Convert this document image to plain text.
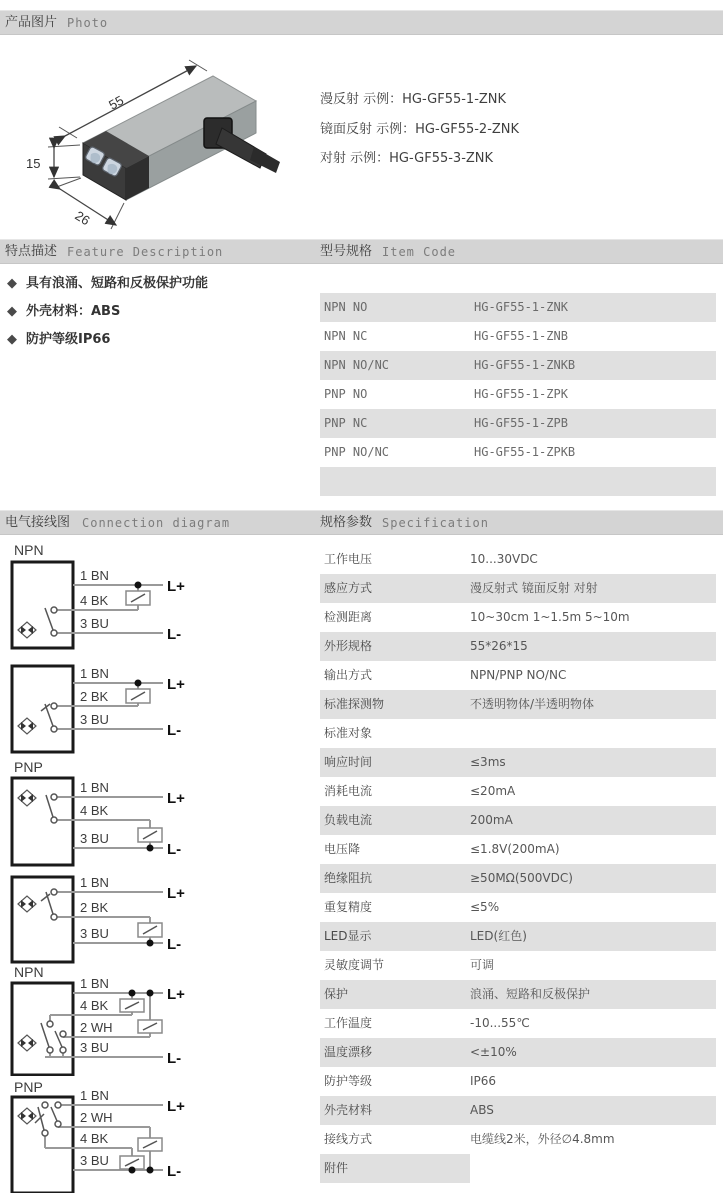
产品图片 Photo
55
15
26
漫反射 示例：HG-GF55-1-ZNK
镜面反射 示例：HG-GF55-2-ZNK
对射 示例：HG-GF55-3-ZNK
特点描述 Feature Description	型号规格 Item Code
◆ 具有浪涌、短路和反极保护功能
◆ 外壳材料：ABS
◆ 防护等级IP66
NPN NO	HG-GF55-1-ZNK
NPN NC	HG-GF55-1-ZNB
NPN NO/NC	HG-GF55-1-ZNKB
PNP NO	HG-GF55-1-ZPK
PNP NC	HG-GF55-1-ZPB
PNP NO/NC	HG-GF55-1-ZPKB
电气接线图 Connection diagram	规格参数 Specification
NPN
1 BN
4 BK
3 BU
L+
L-
1 BN
2 BK
3 BU
L+
L-
PNP
1 BN
4 BK
3 BU
L+
L-
1 BN
2 BK
3 BU
L+
L-
NPN
1 BN
4 BK
2 WH
3 BU
L+
L-
PNP
1 BN
2 WH
4 BK
3 BU
L+
L-
工作电压	10...30VDC
感应方式	漫反射式 镜面反射 对射
检测距离	10~30cm 1~1.5m 5~10m
外形规格	55*26*15
输出方式	NPN/PNP NO/NC
标准探测物	不透明物体/半透明物体
标准对象
响应时间	≤3ms
消耗电流	≤20mA
负载电流	200mA
电压降	≤1.8V(200mA)
绝缘阻抗	≥50MΩ(500VDC)
重复精度	≤5%
LED显示	LED(红色)
灵敏度调节	可调
保护	浪涌、短路和反极保护
工作温度	-10...55℃
温度漂移	<±10%
防护等级	IP66
外壳材料	ABS
接线方式	电缆线2米，外径∅4.8mm
附件
